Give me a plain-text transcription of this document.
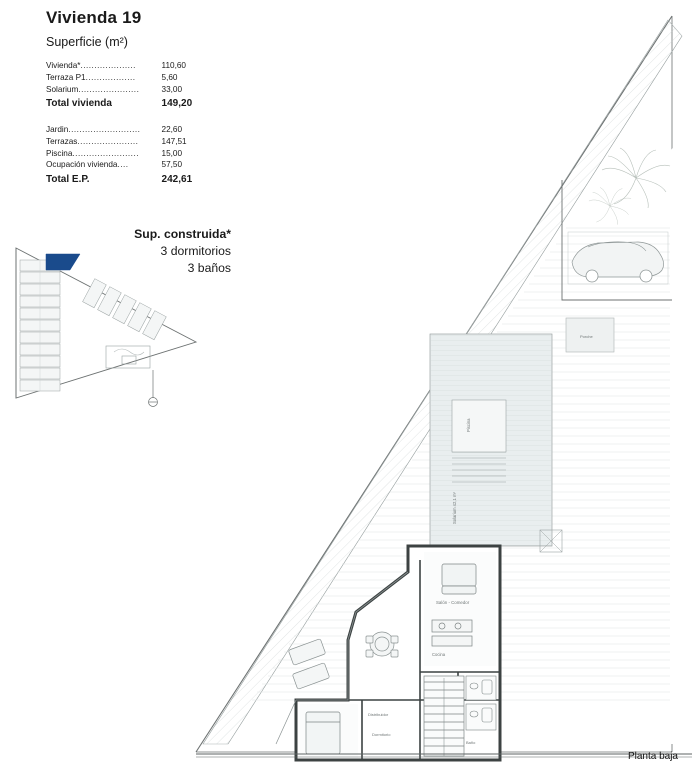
Piscina
Solarium 42,1 m²
Porche
Salón - Comedor
Cocina
Baño
Distribuidor
Dormitorio
Vivienda 19
Superficie (m²)
Vivienda*....................	110,60
Terraza P1..................	5,60
Solarium......................	33,00
Total vivienda	149,20

Jardin..........................	22,60
Terrazas......................	147,51
Piscina........................	15,00
Ocupación vivienda....	57,50
Total E.P.	242,61
Sup. construida*
3 dormitorios
3 baños
Planta baja
